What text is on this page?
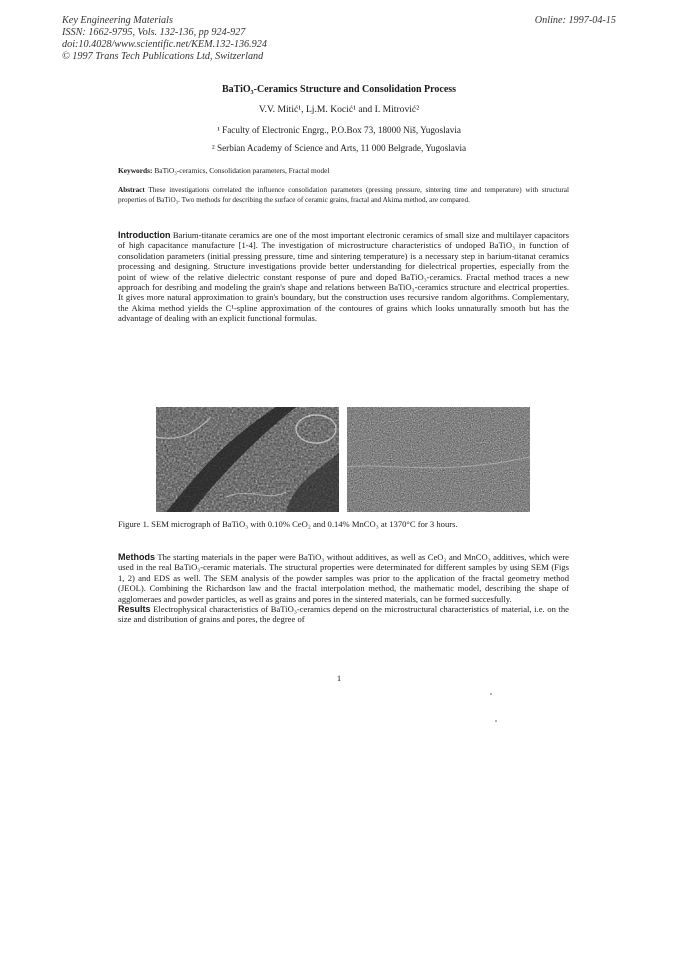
Key Engineering Materials
ISSN: 1662-9795, Vols. 132-136, pp 924-927
doi:10.4028/www.scientific.net/KEM.132-136.924
© 1997 Trans Tech Publications Ltd, Switzerland
Online: 1997-04-15
BaTiO₃-Ceramics Structure and Consolidation Process
V.V. Mitić¹, Lj.M. Kocić¹ and I. Mitrović²
¹ Faculty of Electronic Engrg., P.O.Box 73, 18000 Niš, Yugoslavia
² Serbian Academy of Science and Arts, 11 000 Belgrade, Yugoslavia
Keywords: BaTiO₃-ceramics, Consolidation parameters, Fractal model
Abstract These investigations correlated the influence consolidation parameters (pressing pressure, sintering time and temperature) with structural properties of BaTiO₃. Two methods for describing the surface of ceramic grains, fractal and Akima method, are compared.
Introduction Barium-titanate ceramics are one of the most important electronic ceramics of small size and multilayer capacitors of high capacitance manufacture [1-4]. The investigation of microstructure characteristics of undoped BaTiO₃ in function of consolidation parameters (initial pressing pressure, time and sintering temperature) is a necessary step in barium-titanat ceramics processing and designing. Structure investigations provide better understanding for dielectrical properties, especially from the point of wiew of the relative dielectric constant response of pure and doped BaTiO₃-ceramics. Fractal method traces a new approach for desribing and modeling the grain's shape and relations between BaTiO₃-ceramics structure and electrical properties. It gives more natural approximation to grain's boundary, but the construction uses recursive random algorithms. Complementary, the Akima method yields the C¹-spline approximation of the contoures of grains which looks unnaturally smooth but has the advantage of dealing with an explicit functional formulas.
Figure 1. SEM micrograph of BaTiO₃ with 0.10% CeO₂ and 0.14% MnCO₃ at 1370°C for 3 hours.
Methods The starting materials in the paper were BaTiO₃ without additives, as well as CeO₂ and MnCO₃ additives, which were used in the real BaTiO₃-ceramic materials. The structural properties were determinated for different samples by using SEM (Figs 1, 2) and EDS as well. The SEM analysis of the powder samples was prior to the application of the fractal geometry method (JEOL). Combining the Richardson law and the fractal interpolation method, the mathematic model, describing the shape of agglomeraes and powder particles, as well as grains and pores in the sintered materials, can be formed succesfully.
Results Electrophysical characteristics of BaTiO₃-ceramics depend on the microstructural characteristics of material, i.e. on the size and distribution of grains and pores, the degree of
1
